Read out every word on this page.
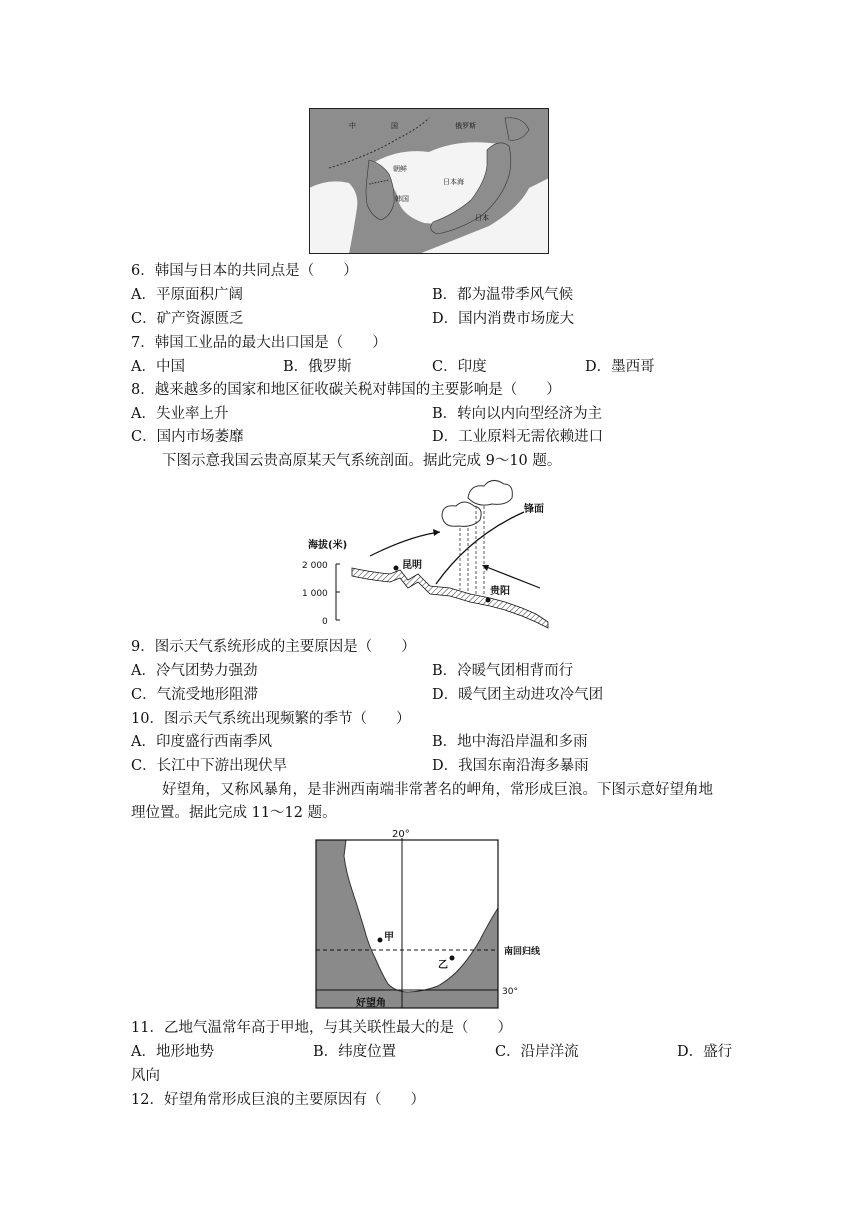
中	国	俄罗斯
朝鲜
韩国
日本海
日本
6．韩国与日本的共同点是（　　）
A．平原面积广阔	B．都为温带季风气候
C．矿产资源匮乏	D．国内消费市场庞大
7．韩国工业品的最大出口国是（　　）
A．中国	B．俄罗斯	C．印度	D．墨西哥
8．越来越多的国家和地区征收碳关税对韩国的主要影响是（　　）
A．失业率上升	B．转向以内向型经济为主
C．国内市场萎靡	D．工业原料无需依赖进口
下图示意我国云贵高原某天气系统剖面。据此完成 9～10 题。
海拔(米)
2 000
1 000
0
锋面
昆明
贵阳
9．图示天气系统形成的主要原因是（　　）
A．冷气团势力强劲	B．冷暖气团相背而行
C．气流受地形阻滞	D．暖气团主动进攻冷气团
10．图示天气系统出现频繁的季节（　　）
A．印度盛行西南季风	B．地中海沿岸温和多雨
C．长江中下游出现伏旱	D．我国东南沿海多暴雨
好望角，又称风暴角，是非洲西南端非常著名的岬角，常形成巨浪。下图示意好望角地
理位置。据此完成 11～12 题。
20°
南回归线
30°
甲
乙
好望角
11．乙地气温常年高于甲地，与其关联性最大的是（　　）
A．地形地势	B．纬度位置	C．沿岸洋流	D．盛行
风向
12．好望角常形成巨浪的主要原因有（　　）
